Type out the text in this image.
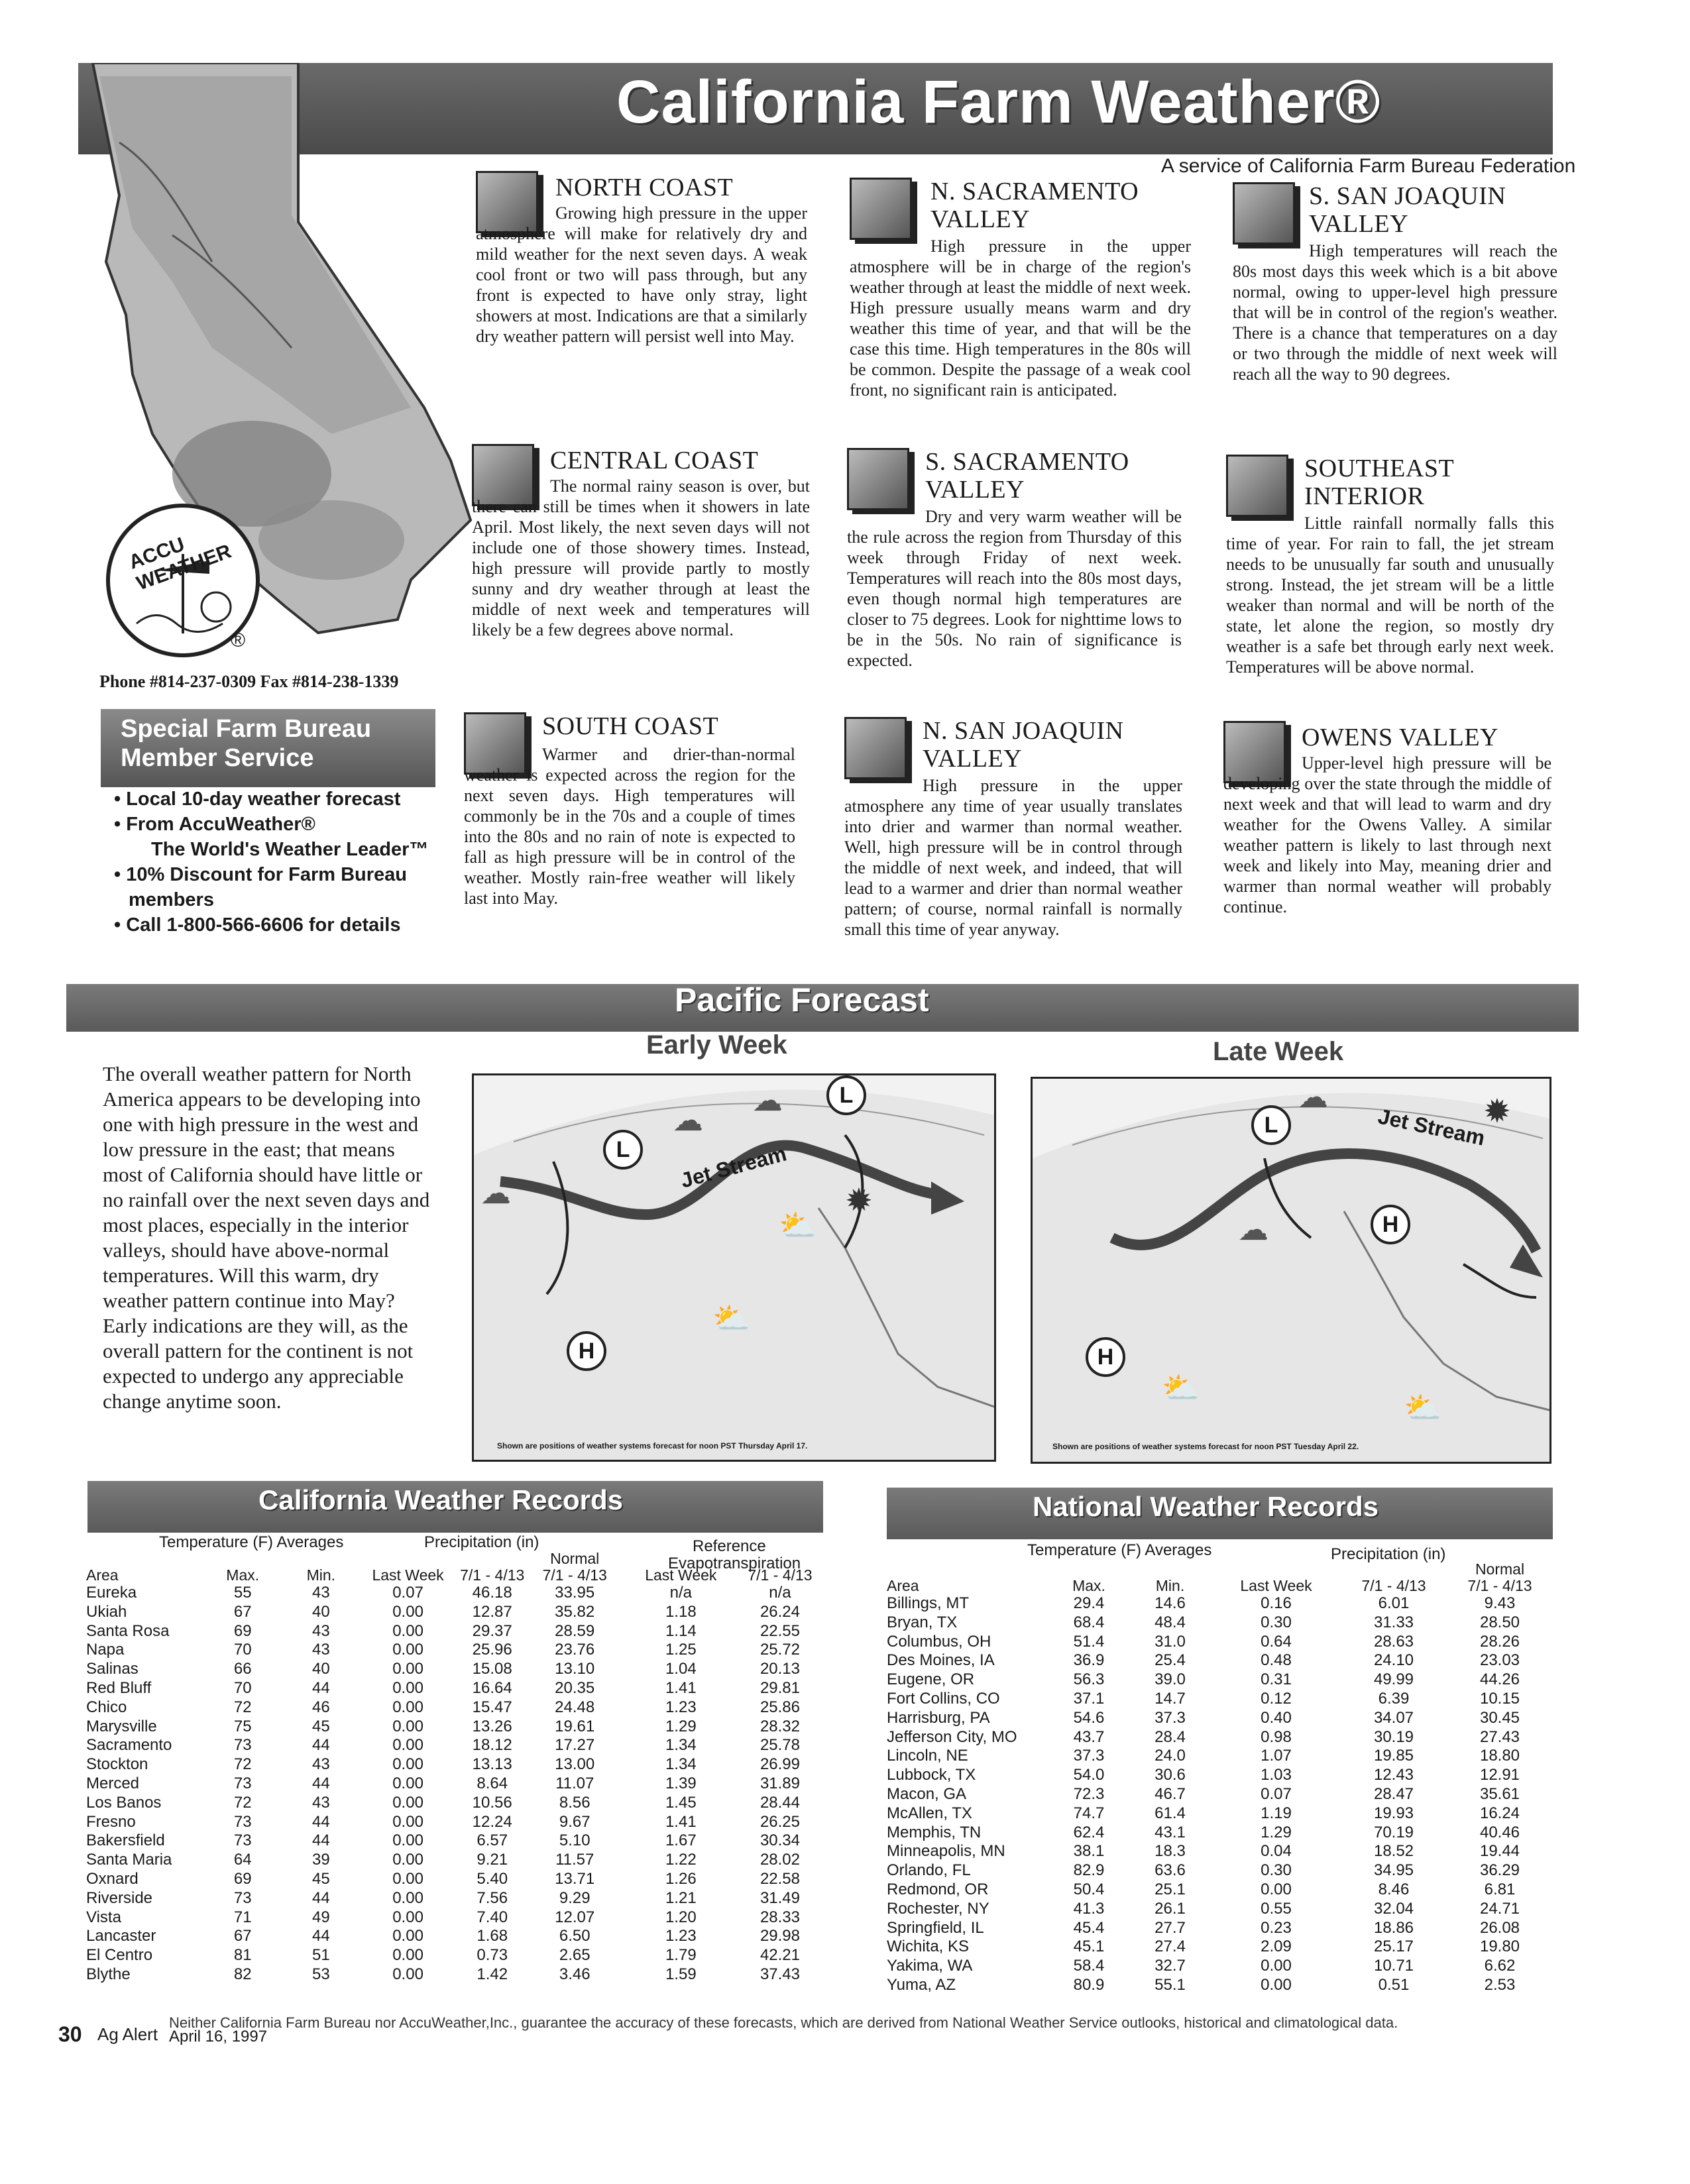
California Farm Weather®
A service of California Farm Bureau Federation
ACCU WEATHER
®
Phone #814-237-0309 Fax #814-238-1339
Special Farm Bureau
Member Service
• Local 10-day weather forecast
• From AccuWeather®
The World's Weather Leader™
• 10% Discount for Farm Bureau
members
• Call 1-800-566-6606 for details
NORTH COAST

Growing high pressure in the upper atmosphere will make for relatively dry and mild weather for the next seven days. A weak cool front or two will pass through, but any front is expected to have only stray, light showers at most. Indications are that a similarly dry weather pattern will persist well into May.

N. SACRAMENTO
VALLEY

High pressure in the upper atmosphere will be in charge of the region's weather through at least the middle of next week. High pressure usually means warm and dry weather this time of year, and that will be the case this time. High temperatures in the 80s will be common. Despite the passage of a weak cool front, no significant rain is anticipated.

S. SAN JOAQUIN
VALLEY

High temperatures will reach the 80s most days this week which is a bit above normal, owing to upper-level high pressure that will be in control of the region's weather. There is a chance that temperatures on a day or two through the middle of next week will reach all the way to 90 degrees.

CENTRAL COAST

The normal rainy season is over, but there can still be times when it showers in late April. Most likely, the next seven days will not include one of those showery times. Instead, high pressure will provide partly to mostly sunny and dry weather through at least the middle of next week and temperatures will likely be a few degrees above normal.

S. SACRAMENTO
VALLEY

Dry and very warm weather will be the rule across the region from Thursday of this week through Friday of next week. Temperatures will reach into the 80s most days, even though normal high temperatures are closer to 75 degrees. Look for nighttime lows to be in the 50s. No rain of significance is expected.

SOUTHEAST
INTERIOR

Little rainfall normally falls this time of year. For rain to fall, the jet stream needs to be unusually far south and unusually strong. Instead, the jet stream will be a little weaker than normal and will be north of the state, let alone the region, so mostly dry weather is a safe bet through early next week. Temperatures will be above normal.

SOUTH COAST

Warmer and drier-than-normal weather is expected across the region for the next seven days. High temperatures will commonly be in the 70s and a couple of times into the 80s and no rain of note is expected to fall as high pressure will be in control of the weather. Mostly rain-free weather will likely last into May.

N. SAN JOAQUIN
VALLEY

High pressure in the upper atmosphere any time of year usually translates into drier and warmer than normal weather. Well, high pressure will be in control through the middle of next week, and indeed, that will lead to a warmer and drier than normal weather pattern; of course, normal rainfall is normally small this time of year anyway.

OWENS VALLEY

Upper-level high pressure will be developing over the state through the middle of next week and that will lead to warm and dry weather for the Owens Valley. A similar weather pattern is likely to last through next week and likely into May, meaning drier and warmer than normal weather will probably continue.

Pacific Forecast
Early Week	Late Week

The overall weather pattern for North America appears to be developing into one with high pressure in the west and low pressure in the east; that means most of California should have little or no rainfall over the next seven days and most places, especially in the interior valleys, should have above-normal temperatures. Will this warm, dry weather pattern continue into May? Early indications are they will, as the overall pattern for the continent is not expected to undergo any appreciable change anytime soon.

L
L
H
Jet Stream
☁
☁
☁
✹
⛅
⛅
Shown are positions of weather systems forecast for noon PST Thursday April 17.
L
H
H
Jet Stream
☁
☁
✹
⛅
⛅
Shown are positions of weather systems forecast for noon PST Tuesday April 22.
California Weather Records
Temperature (F) Averages	Precipitation (in)	Reference
Evapotranspiration
Area	Max.	Min.	Last Week	7/1 - 4/13	Normal
7/1 - 4/13	Last Week	7/1 - 4/13
Eureka	55	43	0.07	46.18	33.95	n/a	n/a
Ukiah	67	40	0.00	12.87	35.82	1.18	26.24
Santa Rosa	69	43	0.00	29.37	28.59	1.14	22.55
Napa	70	43	0.00	25.96	23.76	1.25	25.72
Salinas	66	40	0.00	15.08	13.10	1.04	20.13
Red Bluff	70	44	0.00	16.64	20.35	1.41	29.81
Chico	72	46	0.00	15.47	24.48	1.23	25.86
Marysville	75	45	0.00	13.26	19.61	1.29	28.32
Sacramento	73	44	0.00	18.12	17.27	1.34	25.78
Stockton	72	43	0.00	13.13	13.00	1.34	26.99
Merced	73	44	0.00	8.64	11.07	1.39	31.89
Los Banos	72	43	0.00	10.56	8.56	1.45	28.44
Fresno	73	44	0.00	12.24	9.67	1.41	26.25
Bakersfield	73	44	0.00	6.57	5.10	1.67	30.34
Santa Maria	64	39	0.00	9.21	11.57	1.22	28.02
Oxnard	69	45	0.00	5.40	13.71	1.26	22.58
Riverside	73	44	0.00	7.56	9.29	1.21	31.49
Vista	71	49	0.00	7.40	12.07	1.20	28.33
Lancaster	67	44	0.00	1.68	6.50	1.23	29.98
El Centro	81	51	0.00	0.73	2.65	1.79	42.21
Blythe	82	53	0.00	1.42	3.46	1.59	37.43
National Weather Records
Temperature (F) Averages	Precipitation (in)
Area	Max.	Min.	Last Week	7/1 - 4/13	Normal
7/1 - 4/13
Billings, MT	29.4	14.6	0.16	6.01	9.43
Bryan, TX	68.4	48.4	0.30	31.33	28.50
Columbus, OH	51.4	31.0	0.64	28.63	28.26
Des Moines, IA	36.9	25.4	0.48	24.10	23.03
Eugene, OR	56.3	39.0	0.31	49.99	44.26
Fort Collins, CO	37.1	14.7	0.12	6.39	10.15
Harrisburg, PA	54.6	37.3	0.40	34.07	30.45
Jefferson City, MO	43.7	28.4	0.98	30.19	27.43
Lincoln, NE	37.3	24.0	1.07	19.85	18.80
Lubbock, TX	54.0	30.6	1.03	12.43	12.91
Macon, GA	72.3	46.7	0.07	28.47	35.61
McAllen, TX	74.7	61.4	1.19	19.93	16.24
Memphis, TN	62.4	43.1	1.29	70.19	40.46
Minneapolis, MN	38.1	18.3	0.04	18.52	19.44
Orlando, FL	82.9	63.6	0.30	34.95	36.29
Redmond, OR	50.4	25.1	0.00	8.46	6.81
Rochester, NY	41.3	26.1	0.55	32.04	24.71
Springfield, IL	45.4	27.7	0.23	18.86	26.08
Wichita, KS	45.1	27.4	2.09	25.17	19.80
Yakima, WA	58.4	32.7	0.00	10.71	6.62
Yuma, AZ	80.9	55.1	0.00	0.51	2.53
Neither California Farm Bureau nor AccuWeather,Inc., guarantee the accuracy of these forecasts, which are derived from National Weather Service outlooks, historical and climatological data.
30 Ag Alert April 16, 1997
